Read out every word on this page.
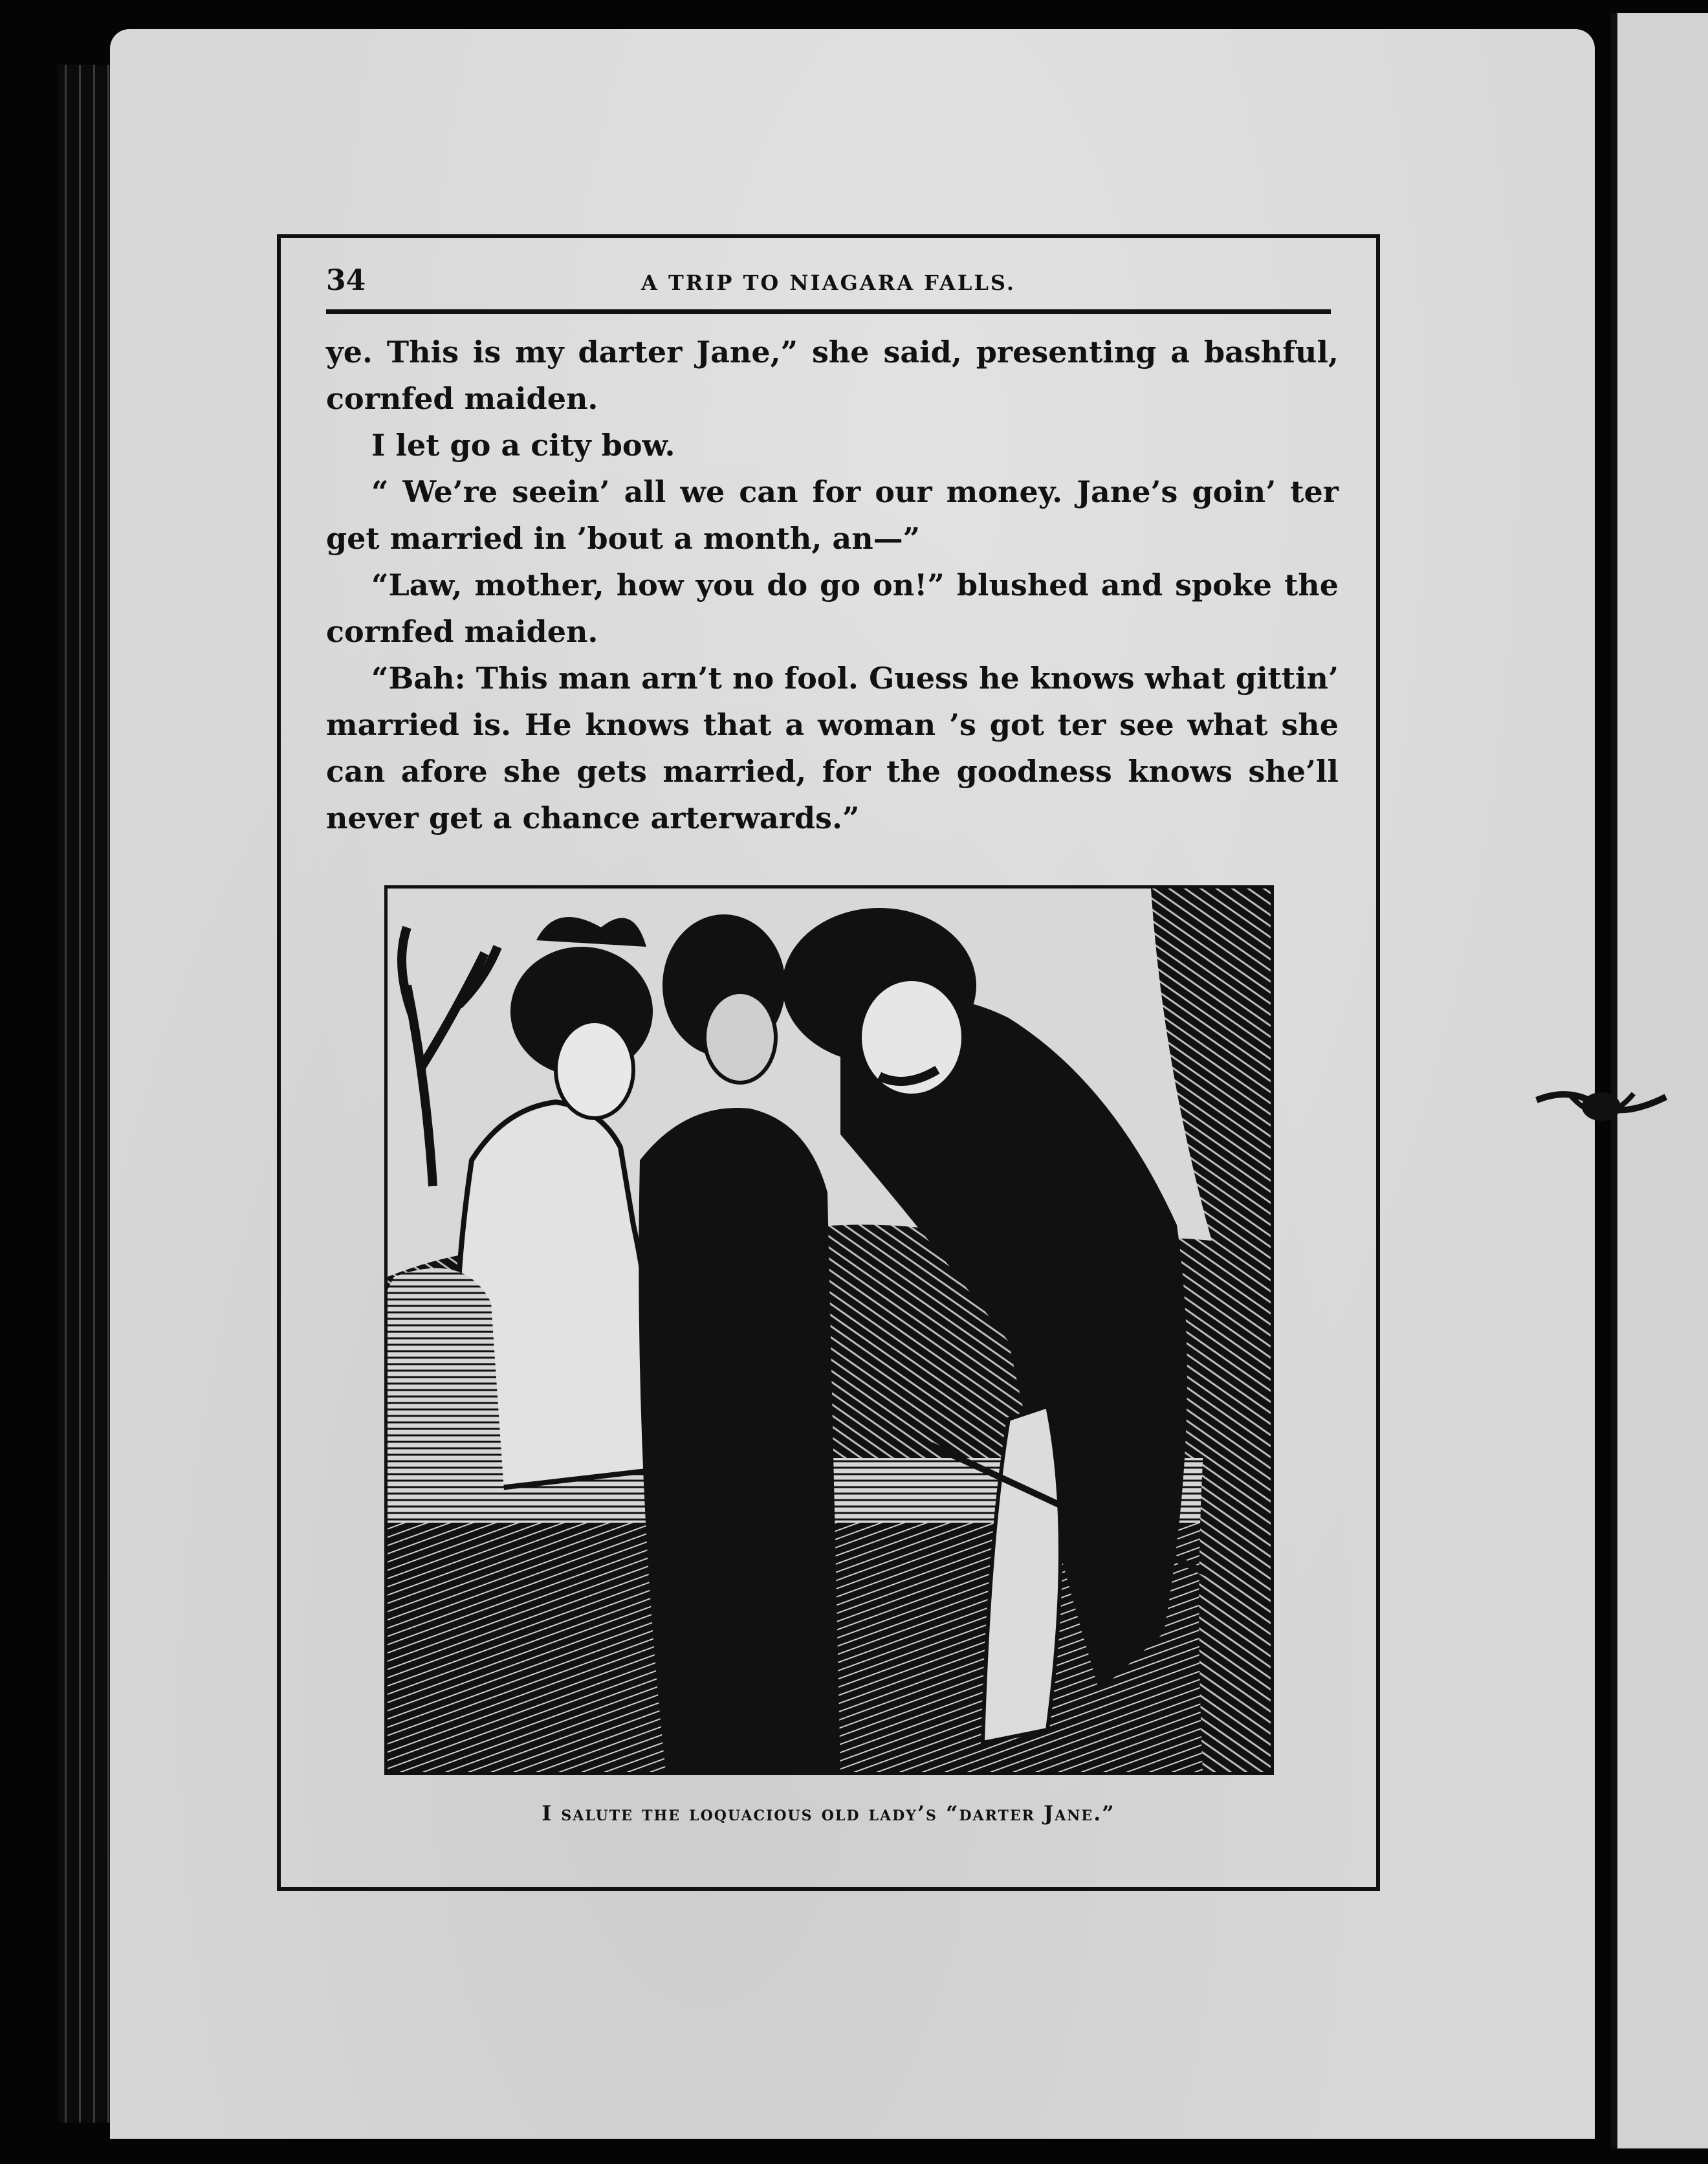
34	A TRIP TO NIAGARA FALLS.

ye. This is my darter Jane,” she said, presenting a bashful, cornfed maiden.

I let go a city bow.

“ We’re seein’ all we can for our money. Jane’s goin’ ter get married in ’bout a month, an—”

“Law, mother, how you do go on!” blushed and spoke the cornfed maiden.

“Bah: This man arn’t no fool. Guess he knows what gittin’ married is. He knows that a woman ’s got ter see what she can afore she gets married, for the goodness knows she’ll never get a chance arterwards.”

I salute the loquacious old lady’s “darter Jane.”
